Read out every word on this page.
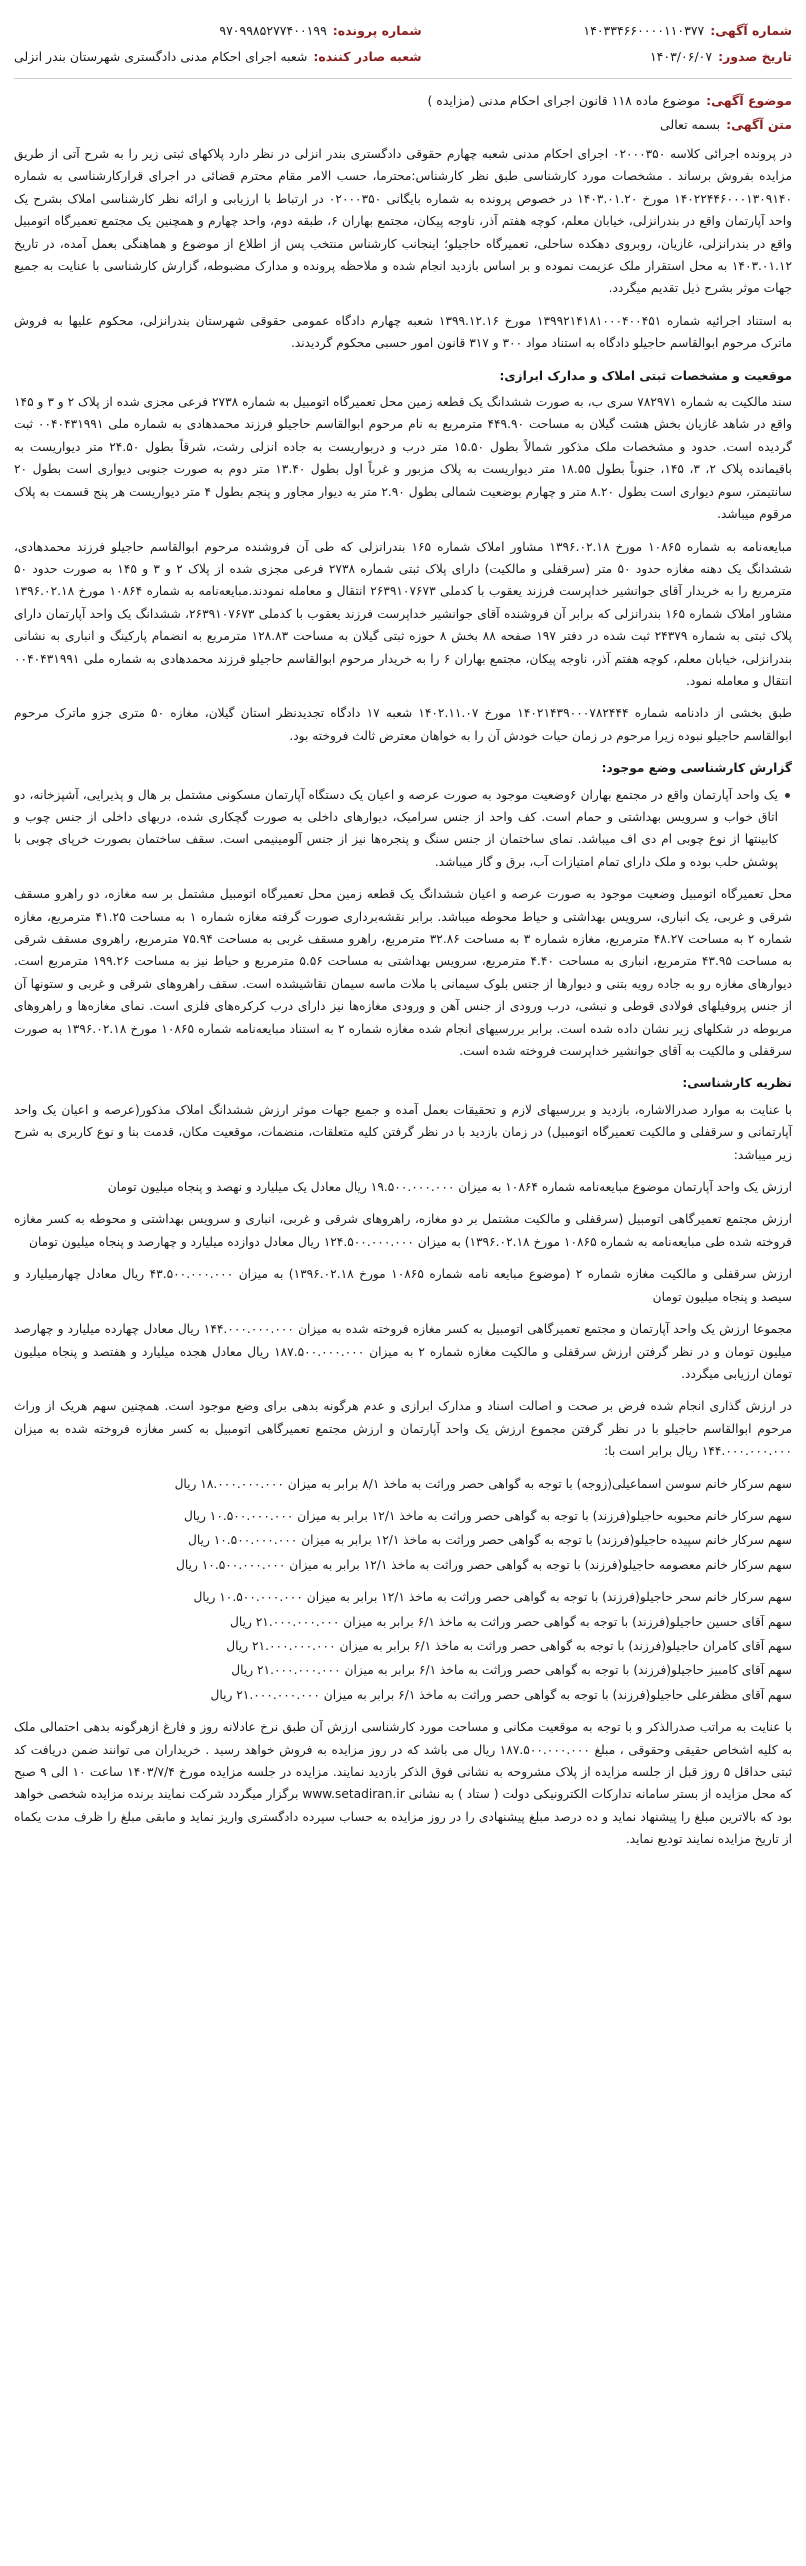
شماره آگهی:۱۴۰۳۳۴۶۶۰۰۰۰۱۱۰۳۷۷
تاریخ صدور:۱۴۰۳/۰۶/۰۷
شماره پرونده:۹۷۰۹۹۸۵۲۷۷۴۰۰۱۹۹
شعبه صادر کننده:شعبه اجرای احکام مدنی دادگستری شهرستان بندر انزلی
موضوع آگهی:موضوع ماده ۱۱۸ قانون اجرای احکام مدنی (مزایده )
متن آگهی:بسمه تعالی

در پرونده اجرائی کلاسه ۰۲۰۰۰۳۵۰ اجرای احکام مدنی شعبه چهارم حقوقی دادگستری بندر انزلی در نظر دارد پلاکهای ثبتی زیر را به شرح آتی از طریق مزایده بفروش برساند . مشخصات مورد کارشناسی طبق نظر کارشناس:محترما، حسب الامر مقام محترم قضائی در اجرای قرارکارشناسی به شماره ۱۴۰۲۲۴۴۶۰۰۰۱۳۰۹۱۴۰ مورخ ۱۴۰۳.۰۱.۲۰ در خصوص پرونده به شماره بایگانی ۰۲۰۰۰۳۵۰ در ارتباط با ارزیابی و ارائه نظر کارشناسی املاک بشرح یک واحد آپارتمان واقع در بندرانزلی، خیابان معلم، کوچه هفتم آذر، ناوجه پیکان، مجتمع بهاران ۶، طبقه دوم، واحد چهارم و همچنین یک مجتمع تعمیرگاه اتومبیل واقع در بندرانزلی، غازیان، روبروی دهکده ساحلی، تعمیرگاه حاجیلو؛ اینجانب کارشناس منتخب پس از اطلاع از موضوع و هماهنگی بعمل آمده، در تاریخ ۱۴۰۳.۰۱.۱۲ به محل استقرار ملک عزیمت نموده و بر اساس بازدید انجام شده و ملاحظه پرونده و مدارک مضبوطه، گزارش کارشناسی با عنایت به جمیع جهات موثر بشرح ذیل تقدیم میگردد.

به استناد اجرائیه شماره ۱۳۹۹۲۱۴۱۸۱۰۰۰۴۰۰۴۵۱ مورخ ۱۳۹۹.۱۲.۱۶ شعبه چهارم دادگاه عمومی حقوقی شهرستان بندرانزلی، محکوم علیها به فروش ماترک مرحوم ابوالقاسم حاجیلو دادگاه به استناد مواد ۳۰۰ و ۳۱۷ قانون امور حسبی محکوم گردیدند.

موقعیت و مشخصات ثبتی املاک و مدارک ابرازی:

سند مالکیت به شماره ۷۸۲۹۷۱ سری ب، به صورت ششدانگ یک قطعه زمین محل تعمیرگاه اتومبیل به شماره ۲۷۳۸ فرعی مجزی شده از پلاک ۲ و ۳ و ۱۴۵ واقع در شاهد غازیان بخش هشت گیلان به مساحت ۴۴۹.۹۰ مترمربع به نام مرحوم ابوالقاسم حاجیلو فرزند محمدهادی به شماره ملی ۰۰۴۰۴۳۱۹۹۱ ثبت گردیده است. حدود و مشخصات ملک مذکور شمالاً بطول ۱۵.۵۰ متر درب و دربواریست به جاده انزلی رشت، شرقاً بطول ۲۴.۵۰ متر دیواریست به باقیمانده پلاک ۲، ۳، ۱۴۵، جنوباً بطول ۱۸.۵۵ متر دیواریست به پلاک مزبور و غرباً اول بطول ۱۳.۴۰ متر دوم به صورت جنوبی دیواری است بطول ۲۰ سانتیمتر، سوم دیواری است بطول ۸.۲۰ متر و چهارم بوضعیت شمالی بطول ۲.۹۰ متر به دیوار مجاور و پنجم بطول ۴ متر دیواریست هر پنج قسمت به پلاک مرقوم میباشد.

مبایعه‌نامه به شماره ۱۰۸۶۵ مورخ ۱۳۹۶.۰۲.۱۸ مشاور املاک شماره ۱۶۵ بندرانزلی که طی آن فروشنده مرحوم ابوالقاسم حاجیلو فرزند محمدهادی، ششدانگ یک دهنه مغازه حدود ۵۰ متر (سرقفلی و مالکیت) دارای پلاک ثبتی شماره ۲۷۳۸ فرعی مجزی شده از پلاک ۲ و ۳ و ۱۴۵ به صورت حدود ۵۰ مترمربع را به خریدار آقای جوانشیر خداپرست فرزند یعقوب با کدملی ۲۶۳۹۱۰۷۶۷۳ انتقال و معامله نمودند.مبایعه‌نامه به شماره ۱۰۸۶۴ مورخ ۱۳۹۶.۰۲.۱۸ مشاور املاک شماره ۱۶۵ بندرانزلی که برابر آن فروشنده آقای جوانشیر خداپرست فرزند یعقوب با کدملی ۲۶۳۹۱۰۷۶۷۳، ششدانگ یک واحد آپارتمان دارای پلاک ثبتی به شماره ۲۴۳۷۹ ثبت شده در دفتر ۱۹۷ صفحه ۸۸ بخش ۸ حوزه ثبتی گیلان به مساحت ۱۲۸.۸۳ مترمربع به انضمام پارکینگ و انباری به نشانی بندرانزلی، خیابان معلم، کوچه هفتم آذر، ناوجه پیکان، مجتمع بهاران ۶ را به خریدار مرحوم ابوالقاسم حاجیلو فرزند محمدهادی به شماره ملی ۰۰۴۰۴۳۱۹۹۱ انتقال و معامله نمود.

طبق بخشی از دادنامه شماره ۱۴۰۲۱۴۳۹۰۰۰۷۸۲۴۴۴ مورخ ۱۴۰۲.۱۱.۰۷ شعبه ۱۷ دادگاه تجدیدنظر استان گیلان، مغازه ۵۰ متری جزو ماترک مرحوم ابوالقاسم حاجیلو نبوده زیرا مرحوم در زمان حیات خودش آن را به خواهان معترض ثالث فروخته بود.

گزارش کارشناسی وضع موجود:

یک واحد آپارتمان واقع در مجتمع بهاران ۶وضعیت موجود به صورت عرصه و اعیان یک دستگاه آپارتمان مسکونی مشتمل بر هال و پذیرایی، آشپزخانه، دو اتاق خواب و سرویس بهداشتی و حمام است. کف واحد از جنس سرامیک، دیوارهای داخلی به صورت گچکاری شده، دربهای داخلی از جنس چوب و کابینتها از نوع چوبی ام دی اف میباشد. نمای ساختمان از جنس سنگ و پنجره‌ها نیز از جنس آلومینیمی است. سقف ساختمان بصورت خرپای چوبی با پوشش حلب بوده و ملک دارای تمام امتیازات آب، برق و گاز میباشد.

محل تعمیرگاه اتومبیل وضعیت موجود به صورت عرصه و اعیان ششدانگ یک قطعه زمین محل تعمیرگاه اتومبیل مشتمل بر سه مغازه، دو راهرو مسقف شرقی و غربی، یک انباری، سرویس بهداشتی و حیاط محوطه میباشد. برابر نقشه‌برداری صورت گرفته مغازه شماره ۱ به مساحت ۴۱.۲۵ مترمربع، مغازه شماره ۲ به مساحت ۴۸.۲۷ مترمربع، مغازه شماره ۳ به مساحت ۳۲.۸۶ مترمربع، راهرو مسقف غربی به مساحت ۷۵.۹۴ مترمربع، راهروی مسقف شرقی به مساحت ۴۳.۹۵ مترمربع، انباری به مساحت ۴.۴۰ مترمربع، سرویس بهداشتی به مساحت ۵.۵۶ مترمربع و حیاط نیز به مساحت ۱۹۹.۲۶ مترمربع است. دیوارهای مغازه رو به جاده رویه بتنی و دیوارها از جنس بلوک سیمانی با ملات ماسه سیمان نقاشیشده است. سقف راهروهای شرقی و غربی و ستونها آن از جنس پروفیلهای فولادی قوطی و نبشی، درب ورودی از جنس آهن و ورودی مغازه‌ها نیز دارای درب کرکره‌های فلزی است. نمای مغازه‌ها و راهروهای مربوطه در شکلهای زیر نشان داده شده است. برابر بررسیهای انجام شده مغازه شماره ۲ به استناد مبایعه‌نامه شماره ۱۰۸۶۵ مورخ ۱۳۹۶.۰۲.۱۸ به صورت سرقفلی و مالکیت به آقای جوانشیر خداپرست فروخته شده است.

نظریه کارشناسی:

با عنایت به موارد صدرالاشاره، بازدید و بررسیهای لازم و تحقیقات بعمل آمده و جمیع جهات موثر ارزش ششدانگ املاک مذکور(عرصه و اعیان یک واحد آپارتمانی و سرقفلی و مالکیت تعمیرگاه اتومبیل) در زمان بازدید با در نظر گرفتن کلیه متعلقات، منضمات، موقعیت مکان، قدمت بنا و نوع کاربری به شرح زیر میباشد:

ارزش یک واحد آپارتمان موضوع مبایعه‌نامه شماره ۱۰۸۶۴ به میزان ۱۹.۵۰۰.۰۰۰.۰۰۰ ریال معادل یک میلیارد و نهصد و پنجاه میلیون تومان

ارزش مجتمع تعمیرگاهی اتومبیل (سرقفلی و مالکیت مشتمل بر دو مغازه، راهروهای شرقی و غربی، انباری و سرویس بهداشتی و محوطه به کسر مغازه فروخته شده طی مبایعه‌نامه به شماره ۱۰۸۶۵ مورخ ۱۳۹۶.۰۲.۱۸) به میزان ۱۲۴.۵۰۰.۰۰۰.۰۰۰ ریال معادل دوازده میلیارد و چهارصد و پنجاه میلیون تومان

ارزش سرقفلی و مالکیت مغازه شماره ۲ (موضوع مبایعه نامه شماره ۱۰۸۶۵ مورخ ۱۳۹۶.۰۲.۱۸) به میزان ۴۳.۵۰۰.۰۰۰.۰۰۰ ریال معادل چهارمیلیارد و سیصد و پنجاه میلیون تومان

مجموعا ارزش یک واحد آپارتمان و مجتمع تعمیرگاهی اتومبیل به کسر مغازه فروخته شده به میزان ۱۴۴.۰۰۰.۰۰۰.۰۰۰ ریال معادل چهارده میلیارد و چهارصد میلیون تومان و در نظر گرفتن ارزش سرقفلی و مالکیت مغازه شماره ۲ به میزان ۱۸۷.۵۰۰.۰۰۰.۰۰۰ ریال معادل هجده میلیارد و هفتصد و پنجاه میلیون تومان ارزیابی میگردد.

در ارزش گذاری انجام شده فرض بر صحت و اصالت اسناد و مدارک ابرازی و عدم هرگونه بدهی برای وضع موجود است. همچنین سهم هریک از وراث مرحوم ابوالقاسم حاجیلو با در نظر گرفتن مجموع ارزش یک واحد آپارتمان و ارزش مجتمع تعمیرگاهی اتومبیل به کسر مغازه فروخته شده به میزان ۱۴۴.۰۰۰.۰۰۰.۰۰۰ ریال برابر است با:

سهم سرکار خانم سوسن اسماعیلی(زوجه) با توجه به گواهی حصر وراثت به ماخذ ۸/۱ برابر به میزان ۱۸.۰۰۰.۰۰۰.۰۰۰ ریال

سهم سرکار خانم محبوبه حاجیلو(فرزند) با توجه به گواهی حصر وراثت به ماخذ ۱۲/۱ برابر به میزان ۱۰.۵۰۰.۰۰۰.۰۰۰ ریال

سهم سرکار خانم سپیده حاجیلو(فرزند) با توجه به گواهی حصر وراثت به ماخذ ۱۲/۱ برابر به میزان ۱۰.۵۰۰.۰۰۰.۰۰۰ ریال

سهم سرکار خانم معصومه حاجیلو(فرزند) با توجه به گواهی حصر وراثت به ماخذ ۱۲/۱ برابر به میزان ۱۰.۵۰۰.۰۰۰.۰۰۰ ریال

سهم سرکار خانم سحر حاجیلو(فرزند) با توجه به گواهی حصر وراثت به ماخذ ۱۲/۱ برابر به میزان ۱۰.۵۰۰.۰۰۰.۰۰۰ ریال

سهم آقای حسین حاجیلو(فرزند) با توجه به گواهی حصر وراثت به ماخذ ۶/۱ برابر به میزان ۲۱.۰۰۰.۰۰۰.۰۰۰ ریال

سهم آقای کامران حاجیلو(فرزند) با توجه به گواهی حصر وراثت به ماخذ ۶/۱ برابر به میزان ۲۱.۰۰۰.۰۰۰.۰۰۰ ریال

سهم آقای کامبیز حاجیلو(فرزند) با توجه به گواهی حصر وراثت به ماخذ ۶/۱ برابر به میزان ۲۱.۰۰۰.۰۰۰.۰۰۰ ریال

سهم آقای مظفرعلی حاجیلو(فرزند) با توجه به گواهی حصر وراثت به ماخذ ۶/۱ برابر به میزان ۲۱.۰۰۰.۰۰۰.۰۰۰ ریال

با عنایت به مراتب صدرالذکر و با توجه به موقعیت مکانی و مساحت مورد کارشناسی ارزش آن طبق نرخ عادلانه روز و فارغ ازهرگونه بدهی احتمالی ملک به کلیه اشخاص حقیقی وحقوقی ، مبلغ ۱۸۷.۵۰۰.۰۰۰.۰۰۰ ریال می باشد که در روز مزایده به فروش خواهد رسید . خریداران می توانند ضمن دریافت کد ثبتی حداقل ۵ روز قبل از جلسه مزایده از پلاک مشروحه به نشانی فوق الذکر بازدید نمایند. مزایده در جلسه مزایده مورخ ۱۴۰۳/۷/۴ ساعت ۱۰ الی ۹ صبح که محل مزایده از بستر سامانه تدارکات الکترونیکی دولت ( ستاد ) به نشانی www.setadiran.ir برگزار میگردد شرکت نمایند برنده مزایده شخصی خواهد بود که بالاترین مبلغ را پیشنهاد نماید و ده درصد مبلغ پیشنهادی را در روز مزایده به حساب سپرده دادگستری واریز نماید و مابقی مبلغ را ظرف مدت یکماه از تاریخ مزایده نمایند تودیع نماید.
